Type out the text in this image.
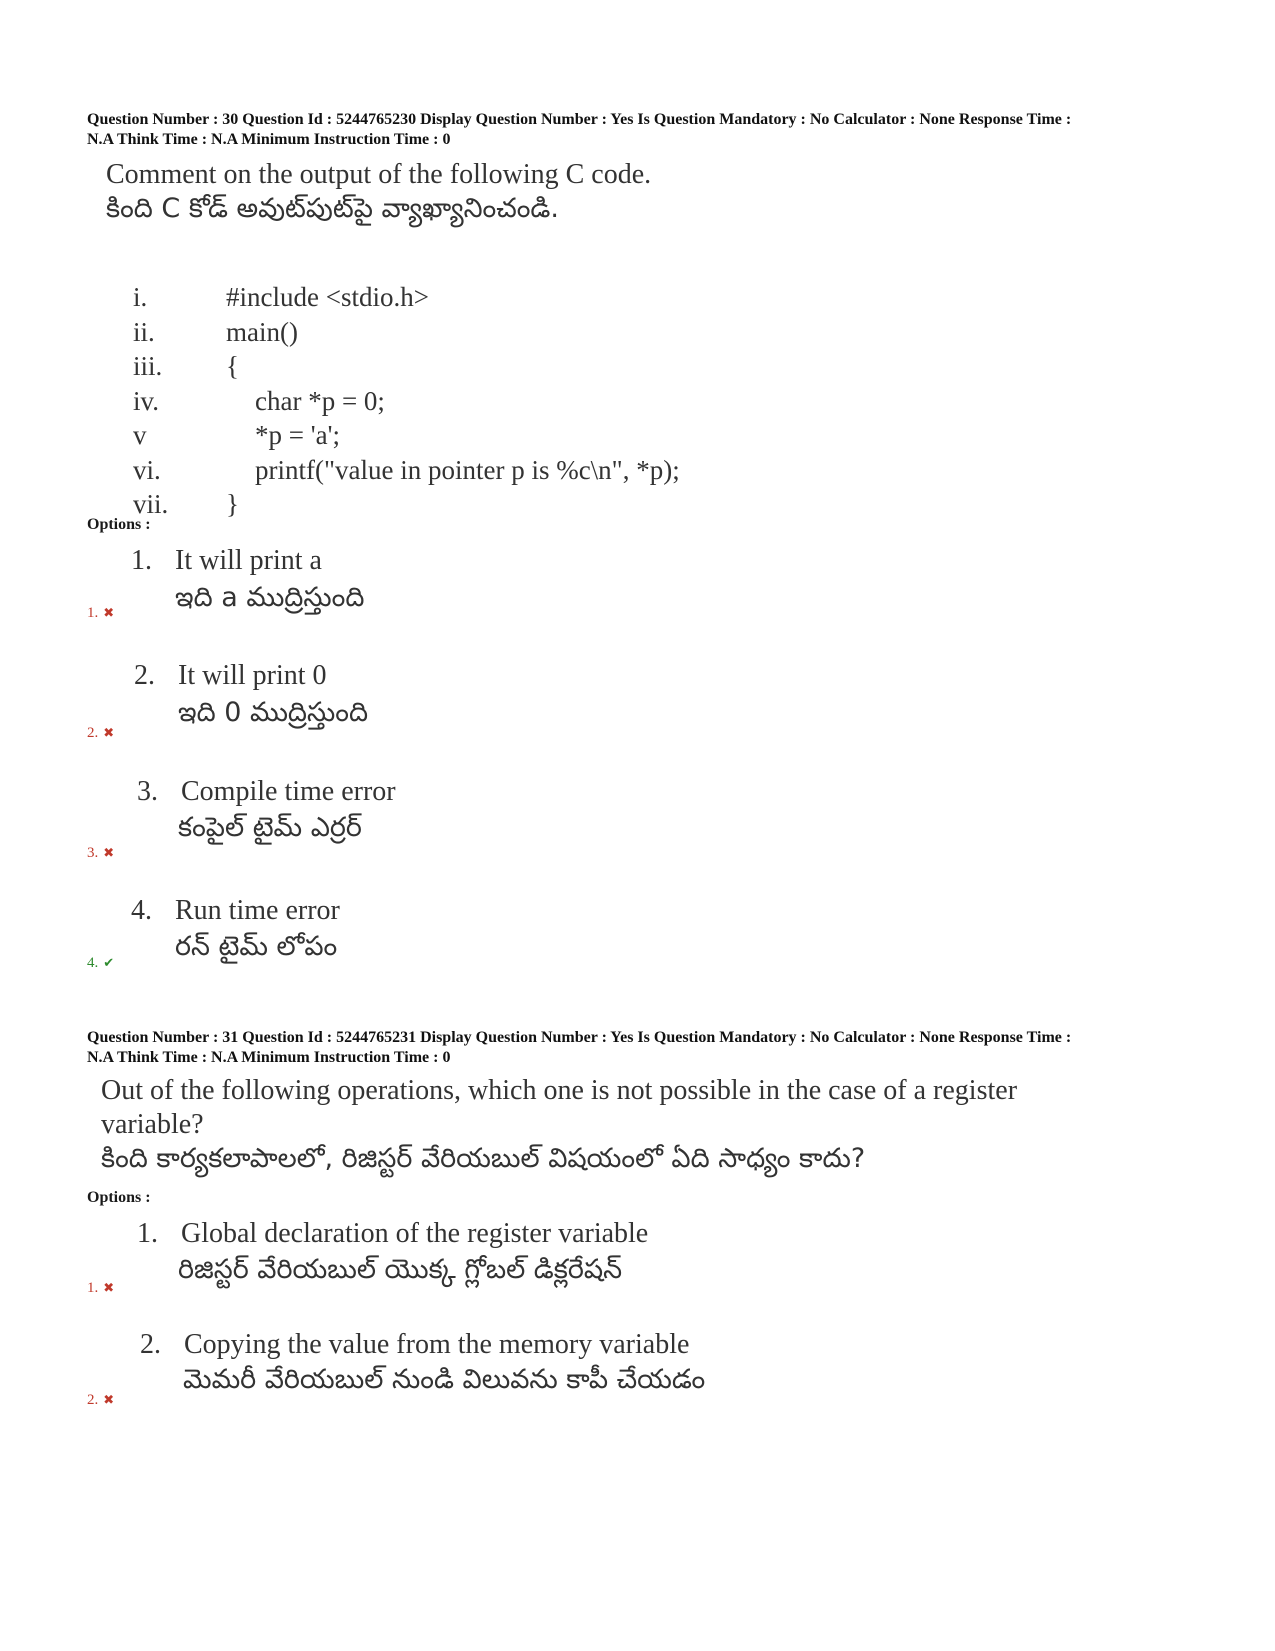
Question Number : 30 Question Id : 5244765230 Display Question Number : Yes Is Question Mandatory : No Calculator : None Response Time :
N.A Think Time : N.A Minimum Instruction Time : 0
Comment on the output of the following C code.
కింది C కోడ్ అవుట్‌పుట్‌పై వ్యాఖ్యానించండి.
i.	#include <stdio.h>
ii.	main()
iii. {
iv.	char *p = 0;
v	*p = 'a';
vi.	printf("value in pointer p is %c\n", *p);
vii. }
Options :
1. It will print a
ఇది a ముద్రిస్తుంది
1. ✖
2. It will print 0
ఇది 0 ముద్రిస్తుంది
2. ✖
3. Compile time error
కంపైల్ టైమ్ ఎర్రర్
3. ✖
4. Run time error
రన్ టైమ్ లోపం
4. ✔
Question Number : 31 Question Id : 5244765231 Display Question Number : Yes Is Question Mandatory : No Calculator : None Response Time :
N.A Think Time : N.A Minimum Instruction Time : 0
Out of the following operations, which one is not possible in the case of a register
variable?
కింది కార్యకలాపాలలో, రిజిస్టర్ వేరియబుల్ విషయంలో ఏది సాధ్యం కాదు?
Options :
1. Global declaration of the register variable
రిజిస్టర్ వేరియబుల్ యొక్క గ్లోబల్ డిక్లరేషన్
1. ✖
2. Copying the value from the memory variable
మెమరీ వేరియబుల్ నుండి విలువను కాపీ చేయడం
2. ✖
